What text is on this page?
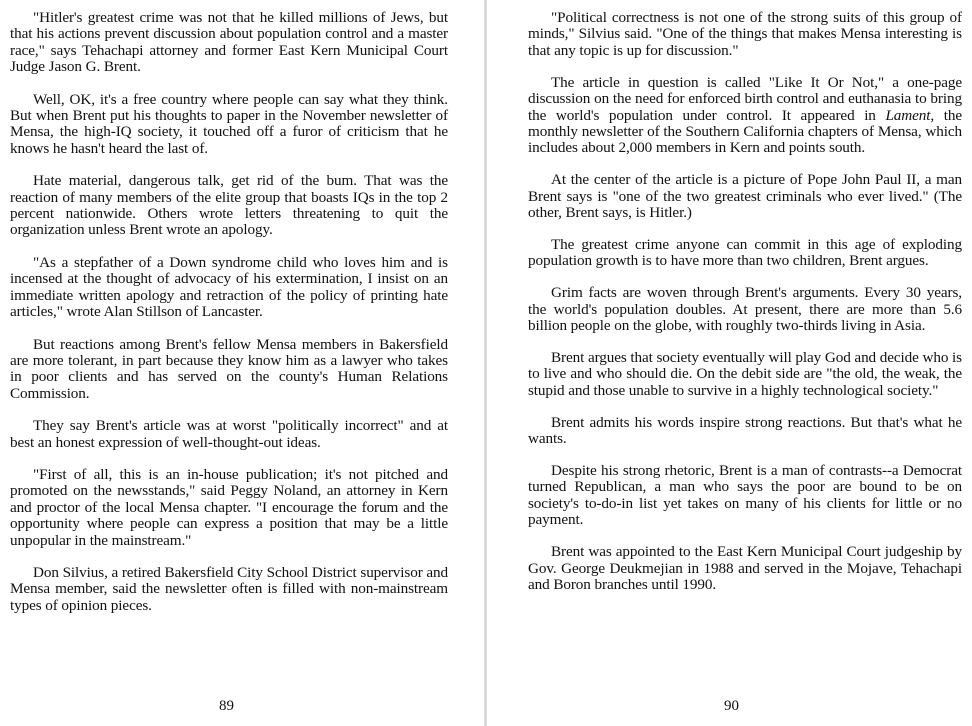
"Hitler's greatest crime was not that he killed millions of Jews, but that his actions prevent discussion about population control and a master race," says Tehachapi attorney and former East Kern Municipal Court Judge Jason G. Brent.

Well, OK, it's a free country where people can say what they think. But when Brent put his thoughts to paper in the November newsletter of Mensa, the high-IQ society, it touched off a furor of criticism that he knows he hasn't heard the last of.

Hate material, dangerous talk, get rid of the bum. That was the reaction of many members of the elite group that boasts IQs in the top 2 percent nationwide. Others wrote letters threatening to quit the organization unless Brent wrote an apology.

"As a stepfather of a Down syndrome child who loves him and is incensed at the thought of advocacy of his extermination, I insist on an immediate written apology and retraction of the policy of printing hate articles," wrote Alan Stillson of Lancaster.

But reactions among Brent's fellow Mensa members in Bakersfield are more tolerant, in part because they know him as a lawyer who takes in poor clients and has served on the county's Human Relations Commission.

They say Brent's article was at worst "politically incorrect" and at best an honest expression of well-thought-out ideas.

"First of all, this is an in-house publication; it's not pitched and promoted on the newsstands," said Peggy Noland, an attorney in Kern and proctor of the local Mensa chapter. "I encourage the forum and the opportunity where people can express a position that may be a little unpopular in the mainstream."

Don Silvius, a retired Bakersfield City School District supervisor and Mensa member, said the newsletter often is filled with non-mainstream types of opinion pieces.

89

"Political correctness is not one of the strong suits of this group of minds," Silvius said. "One of the things that makes Mensa interesting is that any topic is up for discussion."

The article in question is called "Like It Or Not," a one-page discussion on the need for enforced birth control and euthanasia to bring the world's population under control. It appeared in Lament, the monthly newsletter of the Southern California chapters of Mensa, which includes about 2,000 members in Kern and points south.

At the center of the article is a picture of Pope John Paul II, a man Brent says is "one of the two greatest criminals who ever lived." (The other, Brent says, is Hitler.)

The greatest crime anyone can commit in this age of exploding population growth is to have more than two children, Brent argues.

Grim facts are woven through Brent's arguments. Every 30 years, the world's population doubles. At present, there are more than 5.6 billion people on the globe, with roughly two-thirds living in Asia.

Brent argues that society eventually will play God and decide who is to live and who should die. On the debit side are "the old, the weak, the stupid and those unable to survive in a highly technological society."

Brent admits his words inspire strong reactions. But that's what he wants.

Despite his strong rhetoric, Brent is a man of contrasts--a Democrat turned Republican, a man who says the poor are bound to be on society's to-do-in list yet takes on many of his clients for little or no payment.

Brent was appointed to the East Kern Municipal Court judgeship by Gov. George Deukmejian in 1988 and served in the Mojave, Tehachapi and Boron branches until 1990.

90
